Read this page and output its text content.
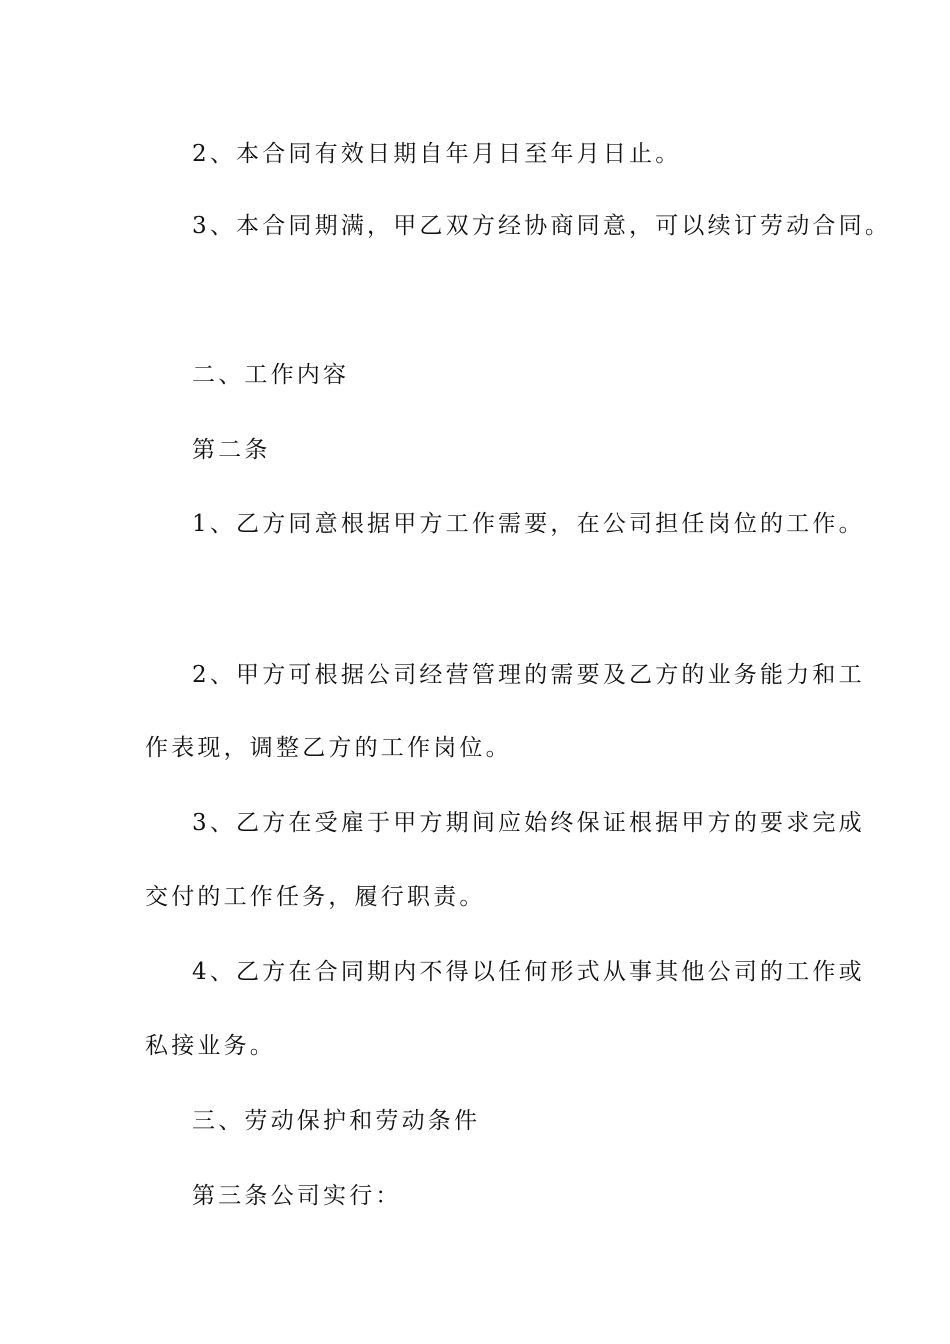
2、本合同有效日期自年月日至年月日止。
3、本合同期满，甲乙双方经协商同意，可以续订劳动合同。
二、工作内容
第二条
1、乙方同意根据甲方工作需要，在公司担任岗位的工作。
2、甲方可根据公司经营管理的需要及乙方的业务能力和工
作表现，调整乙方的工作岗位。
3、乙方在受雇于甲方期间应始终保证根据甲方的要求完成
交付的工作任务，履行职责。
4、乙方在合同期内不得以任何形式从事其他公司的工作或
私接业务。
三、劳动保护和劳动条件
第三条公司实行：
